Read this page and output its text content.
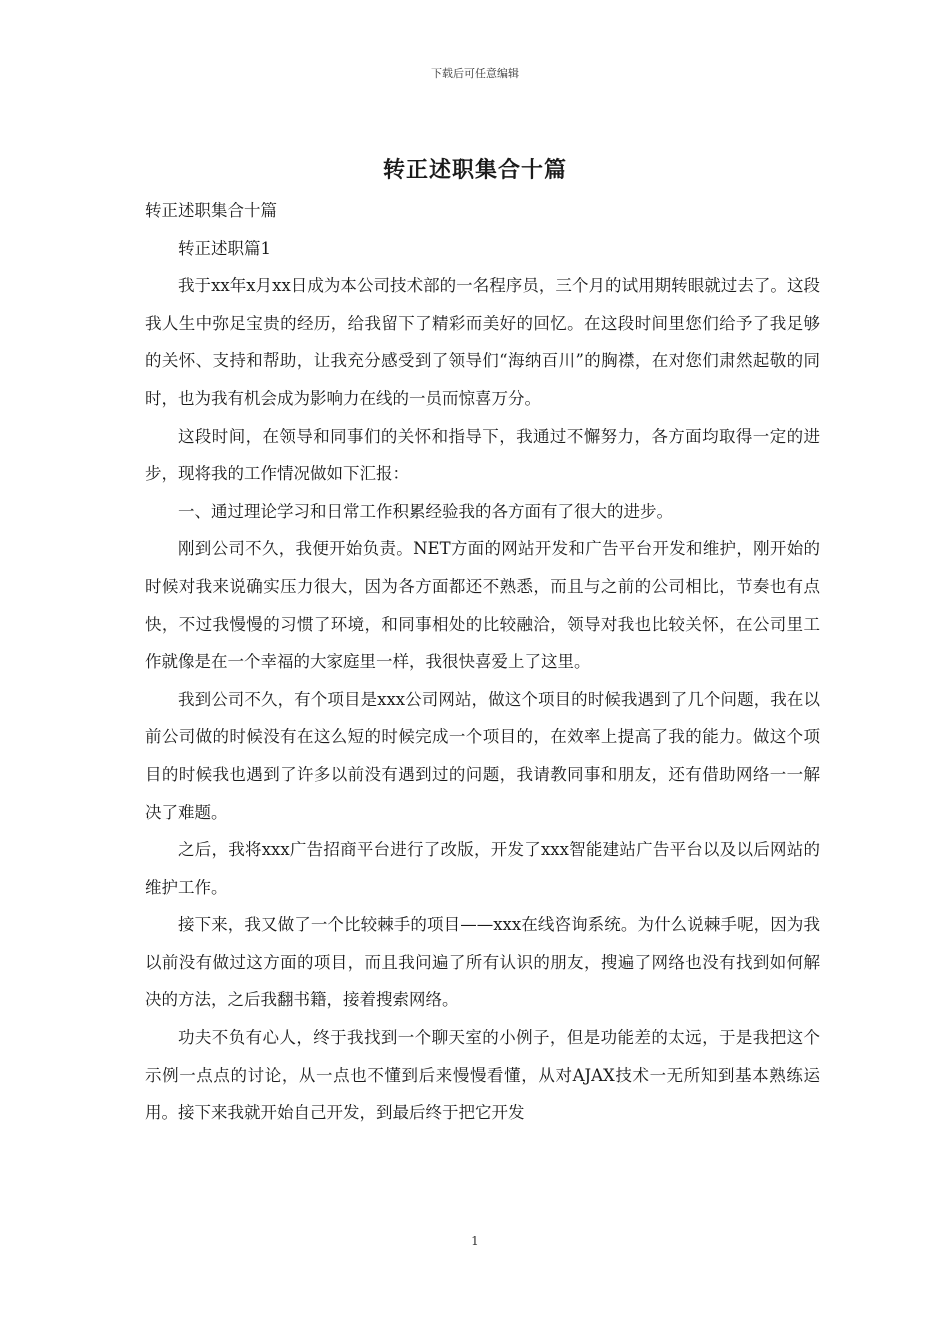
下载后可任意编辑
转正述职集合十篇

转正述职集合十篇

转正述职篇1

我于xx年x月xx日成为本公司技术部的一名程序员，三个月的试用期转眼就过去了。这段我人生中弥足宝贵的经历，给我留下了精彩而美好的回忆。在这段时间里您们给予了我足够的关怀、支持和帮助，让我充分感受到了领导们“海纳百川”的胸襟，在对您们肃然起敬的同时，也为我有机会成为影响力在线的一员而惊喜万分。

这段时间，在领导和同事们的关怀和指导下，我通过不懈努力，各方面均取得一定的进步，现将我的工作情况做如下汇报：

一、通过理论学习和日常工作积累经验我的各方面有了很大的进步。

刚到公司不久，我便开始负责。NET方面的网站开发和广告平台开发和维护，刚开始的时候对我来说确实压力很大，因为各方面都还不熟悉，而且与之前的公司相比，节奏也有点快，不过我慢慢的习惯了环境，和同事相处的比较融洽，领导对我也比较关怀，在公司里工作就像是在一个幸福的大家庭里一样，我很快喜爱上了这里。

我到公司不久，有个项目是xxx公司网站，做这个项目的时候我遇到了几个问题，我在以前公司做的时候没有在这么短的时候完成一个项目的，在效率上提高了我的能力。做这个项目的时候我也遇到了许多以前没有遇到过的问题，我请教同事和朋友，还有借助网络一一解决了难题。

之后，我将xxx广告招商平台进行了改版，开发了xxx智能建站广告平台以及以后网站的维护工作。

接下来，我又做了一个比较棘手的项目——xxx在线咨询系统。为什么说棘手呢，因为我以前没有做过这方面的项目，而且我问遍了所有认识的朋友，搜遍了网络也没有找到如何解决的方法，之后我翻书籍，接着搜索网络。

功夫不负有心人，终于我找到一个聊天室的小例子，但是功能差的太远，于是我把这个示例一点点的讨论，从一点也不懂到后来慢慢看懂，从对AJAX技术一无所知到基本熟练运用。接下来我就开始自己开发，到最后终于把它开发

1
